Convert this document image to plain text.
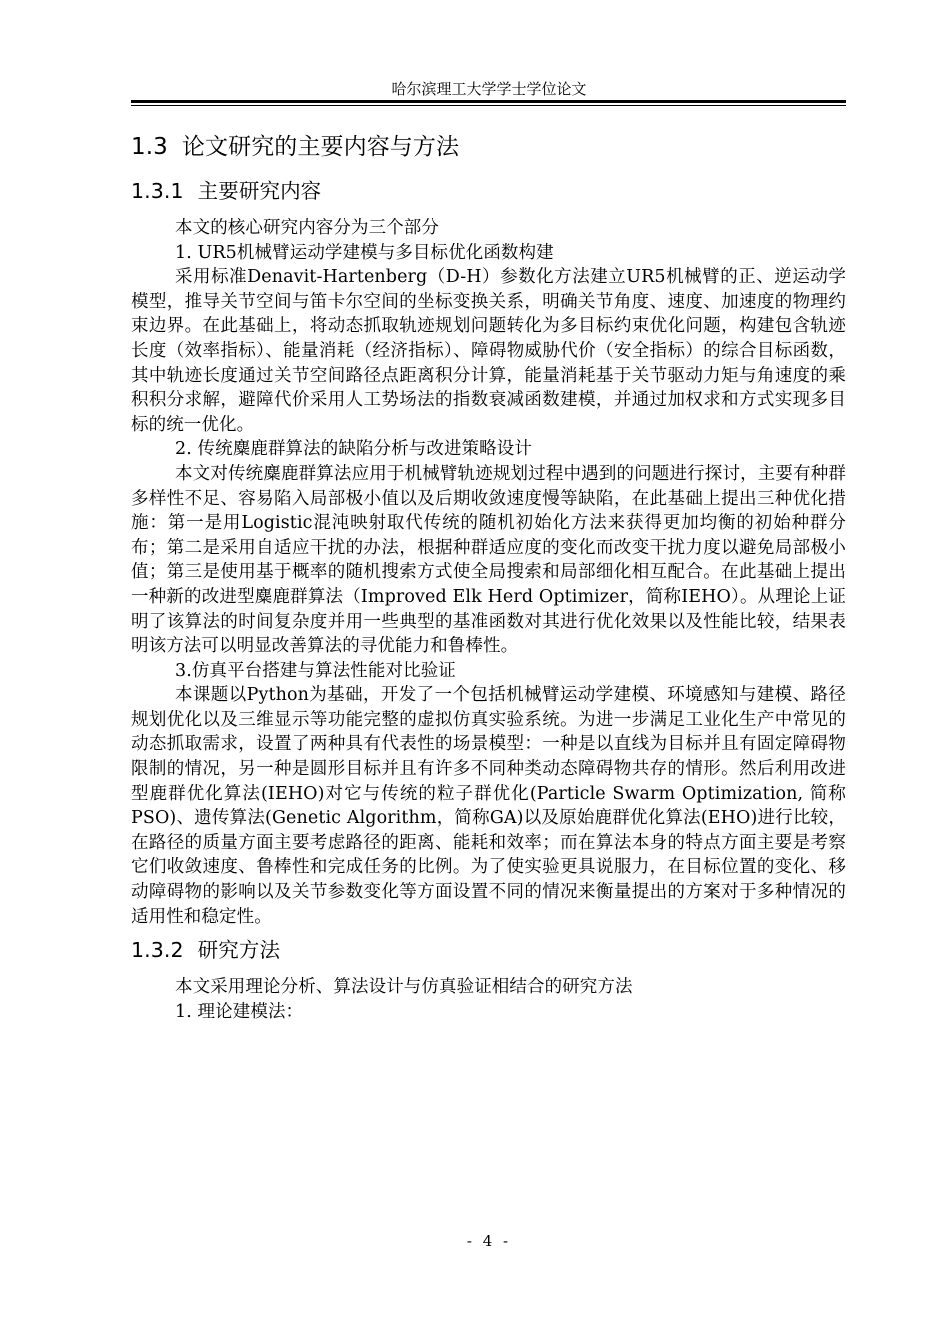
哈尔滨理工大学学士学位论文
1.3 论文研究的主要内容与方法
1.3.1 主要研究内容

本文的核心研究内容分为三个部分

1. UR5机械臂运动学建模与多目标优化函数构建

采用标准Denavit-Hartenberg（D-H）参数化方法建立UR5机械臂的正、逆运动学模型，推导关节空间与笛卡尔空间的坐标变换关系，明确关节角度、速度、加速度的物理约束边界。在此基础上，将动态抓取轨迹规划问题转化为多目标约束优化问题，构建包含轨迹长度（效率指标）、能量消耗（经济指标）、障碍物威胁代价（安全指标）的综合目标函数，其中轨迹长度通过关节空间路径点距离积分计算，能量消耗基于关节驱动力矩与角速度的乘积积分求解，避障代价采用人工势场法的指数衰减函数建模，并通过加权求和方式实现多目标的统一优化。

2. 传统麋鹿群算法的缺陷分析与改进策略设计

本文对传统麋鹿群算法应用于机械臂轨迹规划过程中遇到的问题进行探讨，主要有种群多样性不足、容易陷入局部极小值以及后期收敛速度慢等缺陷，在此基础上提出三种优化措施：第一是用Logistic混沌映射取代传统的随机初始化方法来获得更加均衡的初始种群分布；第二是采用自适应干扰的办法，根据种群适应度的变化而改变干扰力度以避免局部极小值；第三是使用基于概率的随机搜索方式使全局搜索和局部细化相互配合。在此基础上提出一种新的改进型麋鹿群算法（Improved Elk Herd Optimizer，简称IEHO）。从理论上证明了该算法的时间复杂度并用一些典型的基准函数对其进行优化效果以及性能比较，结果表明该方法可以明显改善算法的寻优能力和鲁棒性。

3.仿真平台搭建与算法性能对比验证

本课题以Python为基础，开发了一个包括机械臂运动学建模、环境感知与建模、路径规划优化以及三维显示等功能完整的虚拟仿真实验系统。为进一步满足工业化生产中常见的动态抓取需求，设置了两种具有代表性的场景模型：一种是以直线为目标并且有固定障碍物限制的情况，另一种是圆形目标并且有许多不同种类动态障碍物共存的情形。然后利用改进型鹿群优化算法(IEHO)对它与传统的粒子群优化(Particle Swarm Optimization, 简称PSO)、遗传算法(Genetic Algorithm，简称GA)以及原始鹿群优化算法(EHO)进行比较，在路径的质量方面主要考虑路径的距离、能耗和效率；而在算法本身的特点方面主要是考察它们收敛速度、鲁棒性和完成任务的比例。为了使实验更具说服力，在目标位置的变化、移动障碍物的影响以及关节参数变化等方面设置不同的情况来衡量提出的方案对于多种情况的适用性和稳定性。

1.3.2 研究方法

本文采用理论分析、算法设计与仿真验证相结合的研究方法

1. 理论建模法：

- 4 -
